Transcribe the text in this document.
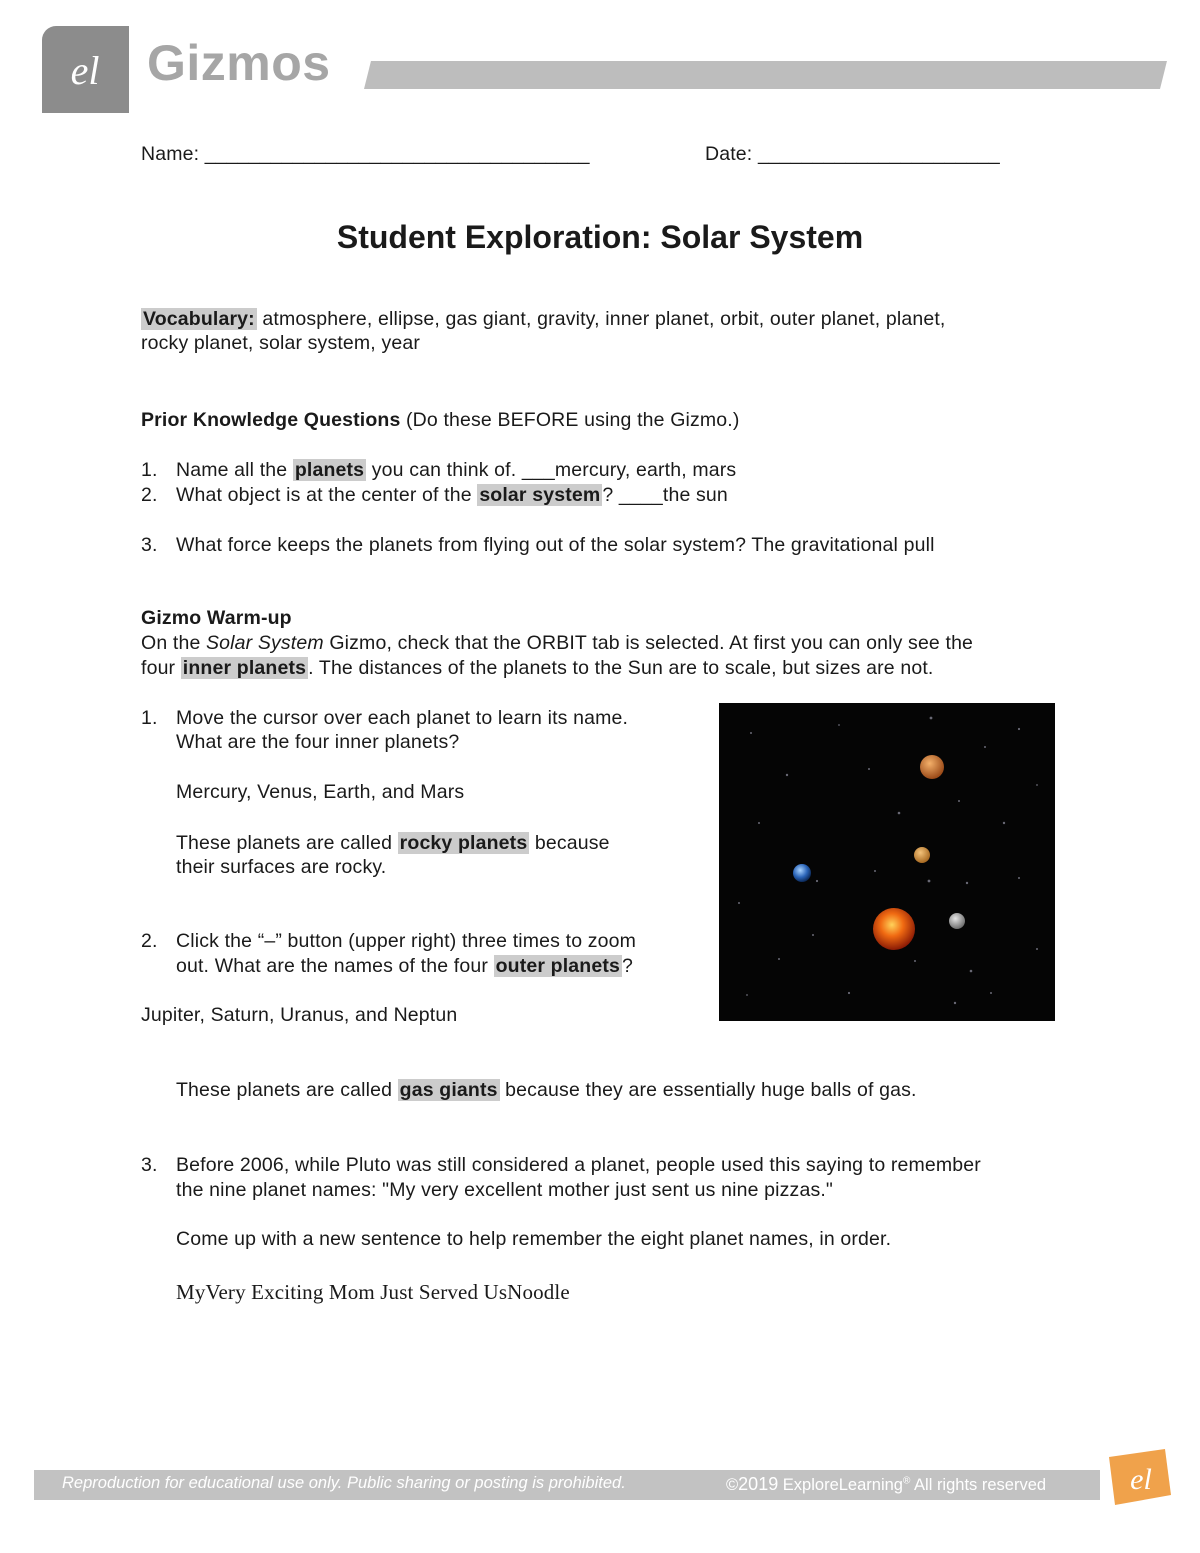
el Gizmos
Name: ___________________________________	Date: ______________________
Student Exploration: Solar System
Vocabulary: atmosphere, ellipse, gas giant, gravity, inner planet, orbit, outer planet, planet,
rocky planet, solar system, year
Prior Knowledge Questions (Do these BEFORE using the Gizmo.)
1. Name all the planets you can think of. ___mercury, earth, mars
2. What object is at the center of the solar system ? ____the sun
3. What force keeps the planets from flying out of the solar system? The gravitational pull
Gizmo Warm-up
On the Solar System Gizmo, check that the ORBIT tab is selected. At first you can only see the
four inner planets . The distances of the planets to the Sun are to scale, but sizes are not.
1. Move the cursor over each planet to learn its name.
What are the four inner planets?
Mercury, Venus, Earth, and Mars
These planets are called rocky planets because
their surfaces are rocky.
2. Click the “–” button (upper right) three times to zoom
out. What are the names of the four outer planets ?
Jupiter, Saturn, Uranus, and Neptun
These planets are called gas giants because they are essentially huge balls of gas.
3. Before 2006, while Pluto was still considered a planet, people used this saying to remember
the nine planet names: "My very excellent mother just sent us nine pizzas."
Come up with a new sentence to help remember the eight planet names, in order.
MyVery Exciting Mom Just Served UsNoodle
Reproduction for educational use only. Public sharing or posting is prohibited.	©2019 ExploreLearning® All rights reserved	el
